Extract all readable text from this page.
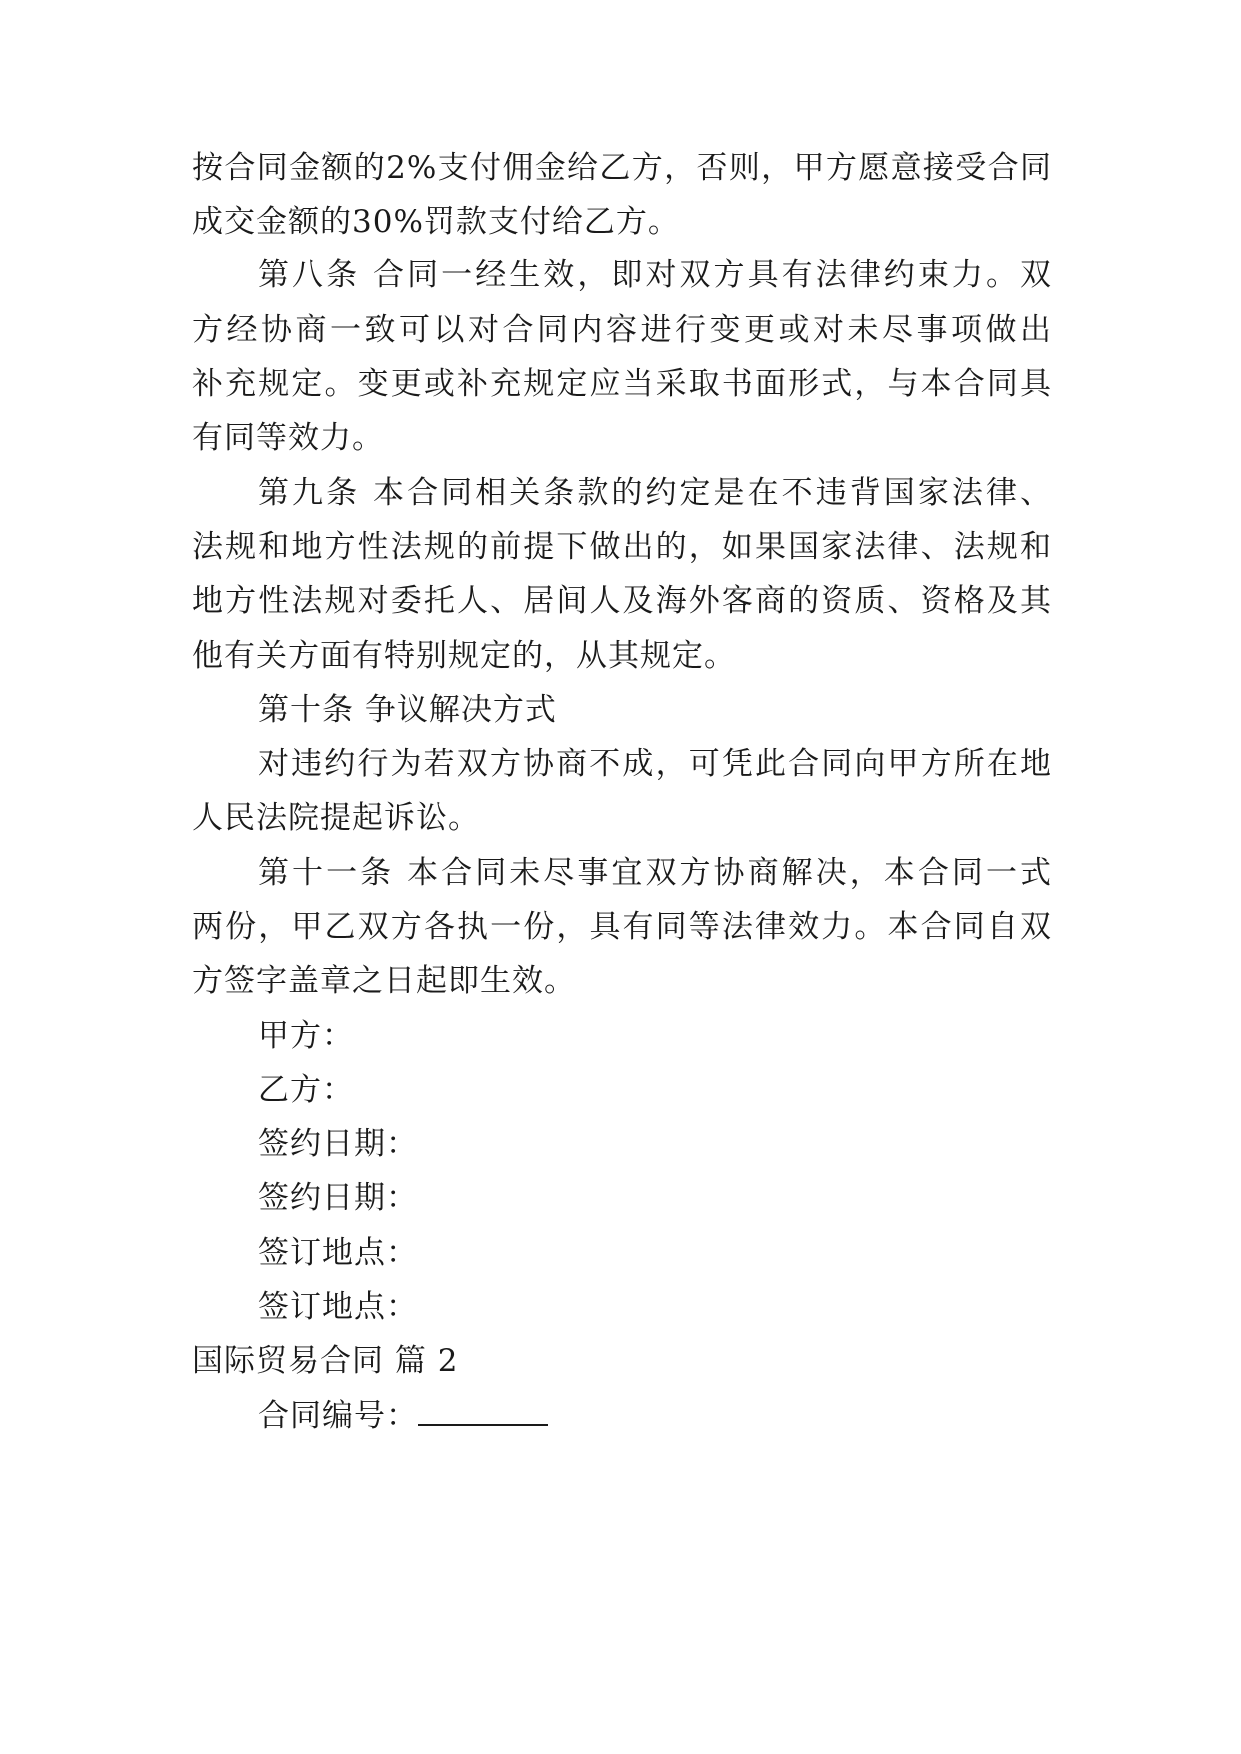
按合同金额的2%支付佣金给乙方，否则，甲方愿意接受合同
成交金额的30%罚款支付给乙方。
第八条 合同一经生效，即对双方具有法律约束力。双
方经协商一致可以对合同内容进行变更或对未尽事项做出
补充规定。变更或补充规定应当采取书面形式，与本合同具
有同等效力。
第九条 本合同相关条款的约定是在不违背国家法律、
法规和地方性法规的前提下做出的，如果国家法律、法规和
地方性法规对委托人、居间人及海外客商的资质、资格及其
他有关方面有特别规定的，从其规定。
第十条 争议解决方式
对违约行为若双方协商不成，可凭此合同向甲方所在地
人民法院提起诉讼。
第十一条 本合同未尽事宜双方协商解决，本合同一式
两份，甲乙双方各执一份，具有同等法律效力。本合同自双
方签字盖章之日起即生效。
甲方：
乙方：
签约日期：
签约日期：
签订地点：
签订地点：
国际贸易合同 篇 2
合同编号：
